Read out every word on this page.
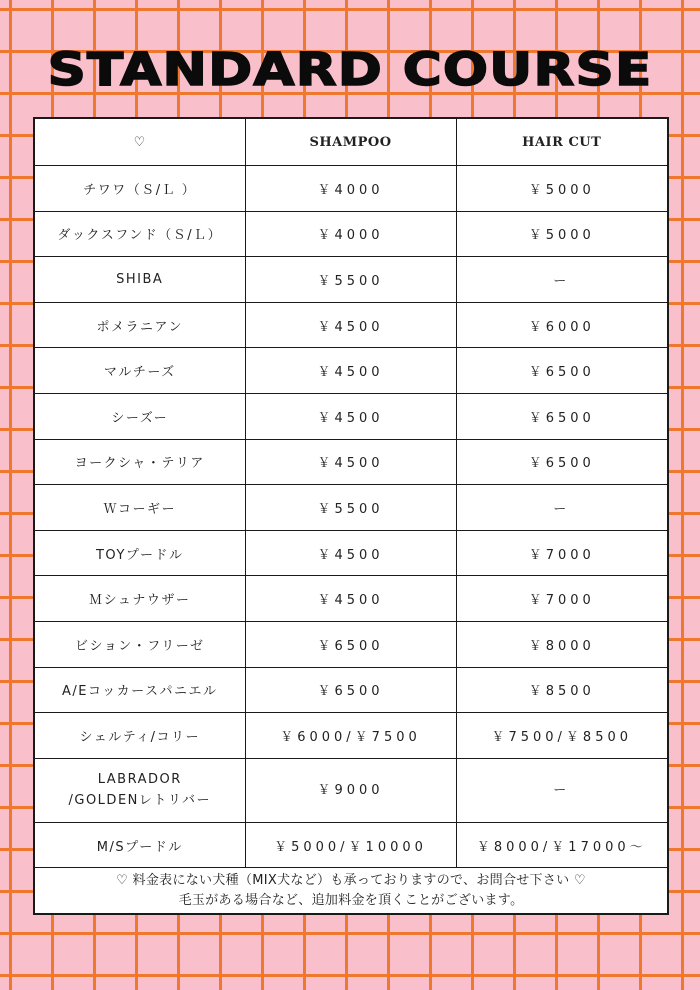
STANDARD COURSE
♡	SHAMPOO	HAIR CUT
チワワ（Ｓ/Ｌ ）	￥4000	￥5000
ダックスフンド（Ｓ/Ｌ）	￥4000	￥5000
SHIBA	￥5500	ー
ポメラニアン	￥4500	￥6000
マルチーズ	￥4500	￥6500
シーズー	￥4500	￥6500
ヨークシャ・テリア	￥4500	￥6500
Ｗコーギー	￥5500	ー
TOYプードル	￥4500	￥7000
Ｍシュナウザー	￥4500	￥7000
ビション・フリーゼ	￥6500	￥8000
A/Eコッカースパニエル	￥6500	￥8500
シェルティ/コリー	￥6000/￥7500	￥7500/￥8500

LABRADOR
/GOLDENレトリバー	￥9000	ー
M/Sプードル	￥5000/￥10000	￥8000/￥17000〜

♡ 料金表にない犬種（MIX犬など）も承っておりますので、お問合せ下さい ♡
毛玉がある場合など、追加料金を頂くことがございます。		
